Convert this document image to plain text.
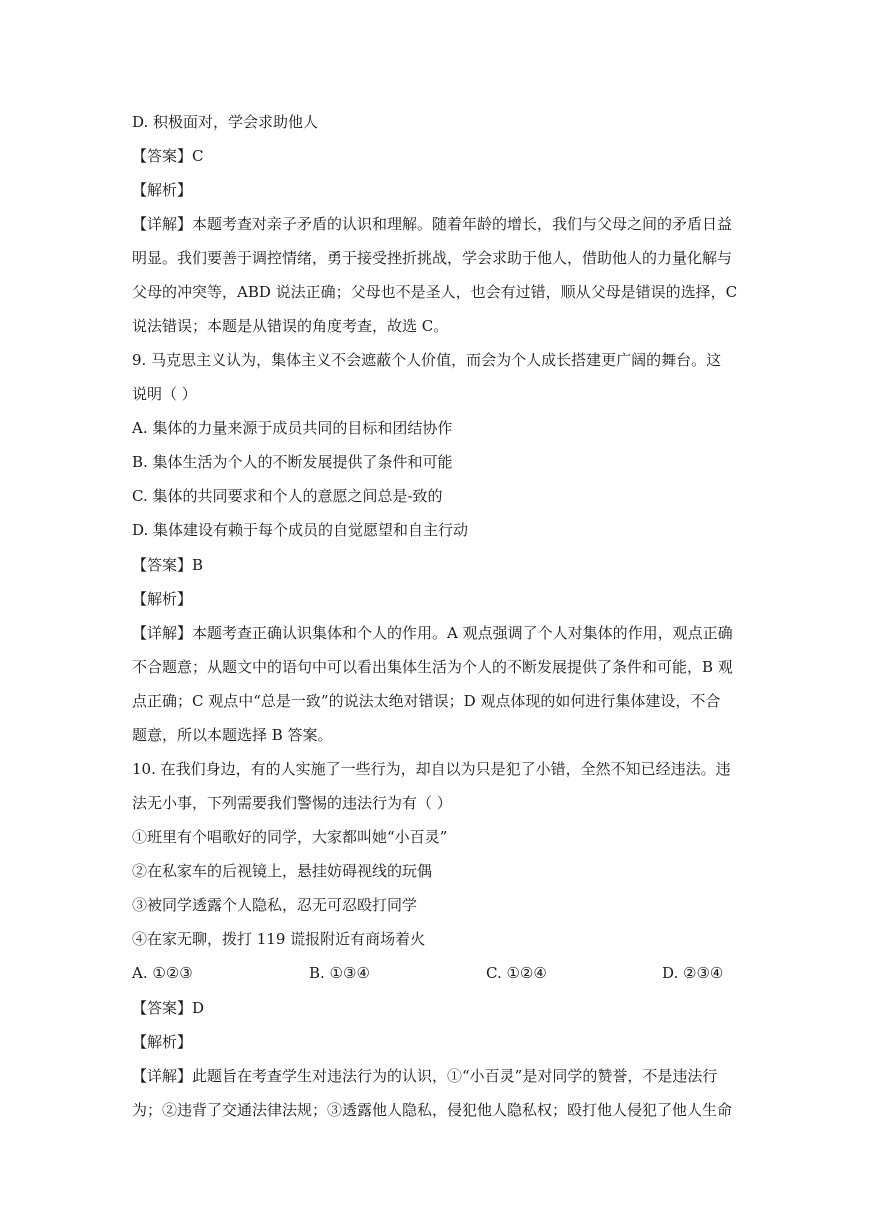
D. 积极面对，学会求助他人
【答案】C
【解析】
【详解】本题考查对亲子矛盾的认识和理解。随着年龄的增长，我们与父母之间的矛盾日益
明显。我们要善于调控情绪，勇于接受挫折挑战，学会求助于他人，借助他人的力量化解与
父母的冲突等，ABD 说法正确；父母也不是圣人，也会有过错，顺从父母是错误的选择，C
说法错误；本题是从错误的角度考查，故选 C。
9. 马克思主义认为，集体主义不会遮蔽个人价值，而会为个人成长搭建更广阔的舞台。这
说明（ ）
A. 集体的力量来源于成员共同的目标和团结协作
B. 集体生活为个人的不断发展提供了条件和可能
C. 集体的共同要求和个人的意愿之间总是-致的
D. 集体建设有赖于每个成员的自觉愿望和自主行动
【答案】B
【解析】
【详解】本题考查正确认识集体和个人的作用。A 观点强调了个人对集体的作用，观点正确
不合题意；从题文中的语句中可以看出集体生活为个人的不断发展提供了条件和可能，B 观
点正确；C 观点中“总是一致”的说法太绝对错误；D 观点体现的如何进行集体建设，不合
题意，所以本题选择 B 答案。
10. 在我们身边，有的人实施了一些行为，却自以为只是犯了小错，全然不知已经违法。违
法无小事，下列需要我们警惕的违法行为有（ ）
①班里有个唱歌好的同学，大家都叫她“小百灵”
②在私家车的后视镜上，悬挂妨碍视线的玩偶
③被同学透露个人隐私，忍无可忍殴打同学
④在家无聊，拨打 119 谎报附近有商场着火
A. ①②③	B. ①③④	C. ①②④	D. ②③④
【答案】D
【解析】
【详解】此题旨在考查学生对违法行为的认识，①“小百灵”是对同学的赞誉，不是违法行
为；②违背了交通法律法规；③透露他人隐私，侵犯他人隐私权；殴打他人侵犯了他人生命
